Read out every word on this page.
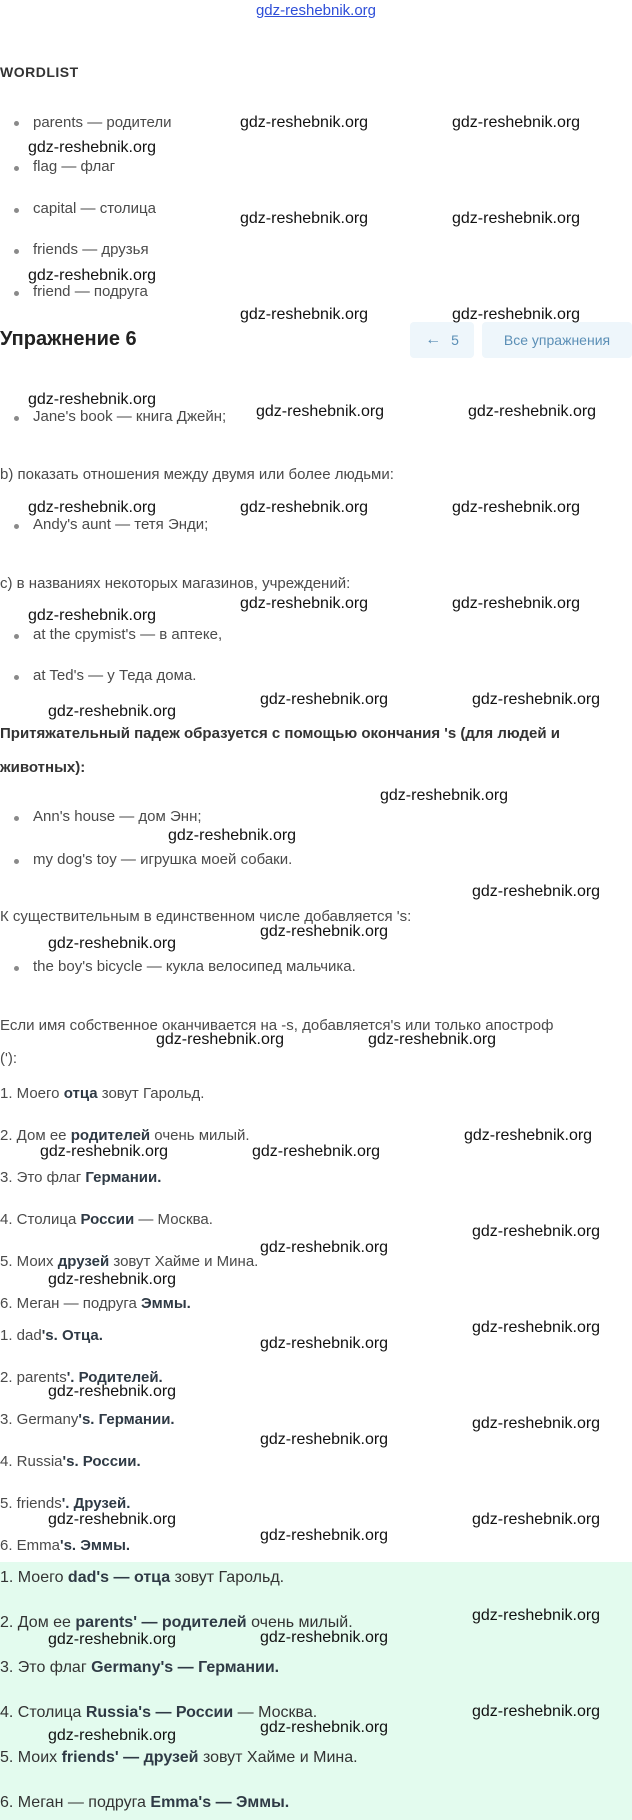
gdz-reshebnik.org
WORDLIST
parents — родители
flag — флаг
capital — столица
friends — друзья
friend — подруга
Упражнение 6	← 5	Все упражнения
Jane's book — книга Джейн;
b) показать отношения между двумя или более людьми:
Andy's aunt — тетя Энди;
c) в названиях некоторых магазинов, учреждений:
at the cpymist's — в аптеке,
at Ted's — у Теда дома.
Притяжательный падеж образуется с помощью окончания 's (для людей и
животных):
Ann's house — дом Энн;
my dog's toy — игрушка моей собаки.
К существительным в единственном числе добавляется 's:
the boy's bicycle — кукла велосипед мальчика.
Если имя собственное оканчивается на -s, добавляется's или только апостроф
('):
1. Моего отца зовут Гарольд.
2. Дом ее родителей очень милый.
3. Это флаг Германии.
4. Столица России — Москва.
5. Моих друзей зовут Хайме и Мина.
6. Меган — подруга Эммы.
1. dad's. Отца.
2. parents'. Родителей.
3. Germany's. Германии.
4. Russia's. России.
5. friends'. Друзей.
6. Emma's. Эммы.
1. Моего dad's — отца зовут Гарольд.
2. Дом ее parents' — родителей очень милый.
3. Это флаг Germany's — Германии.
4. Столица Russia's — России — Москва.
5. Моих friends' — друзей зовут Хайме и Мина.
6. Меган — подруга Emma's — Эммы.
gdz-reshebnik.org	gdz-reshebnik.org
gdz-reshebnik.org
gdz-reshebnik.org	gdz-reshebnik.org
gdz-reshebnik.org
gdz-reshebnik.org	gdz-reshebnik.org
gdz-reshebnik.org
gdz-reshebnik.org	gdz-reshebnik.org
gdz-reshebnik.org	gdz-reshebnik.org	gdz-reshebnik.org
gdz-reshebnik.org	gdz-reshebnik.org
gdz-reshebnik.org
gdz-reshebnik.org	gdz-reshebnik.org
gdz-reshebnik.org
gdz-reshebnik.org
gdz-reshebnik.org
gdz-reshebnik.org
gdz-reshebnik.org
gdz-reshebnik.org
gdz-reshebnik.org	gdz-reshebnik.org
gdz-reshebnik.org
gdz-reshebnik.org	gdz-reshebnik.org
gdz-reshebnik.org
gdz-reshebnik.org
gdz-reshebnik.org
gdz-reshebnik.org
gdz-reshebnik.org
gdz-reshebnik.org
gdz-reshebnik.org
gdz-reshebnik.org
gdz-reshebnik.org
gdz-reshebnik.org
gdz-reshebnik.org
gdz-reshebnik.org
gdz-reshebnik.org
gdz-reshebnik.org
gdz-reshebnik.org
gdz-reshebnik.org
gdz-reshebnik.org
